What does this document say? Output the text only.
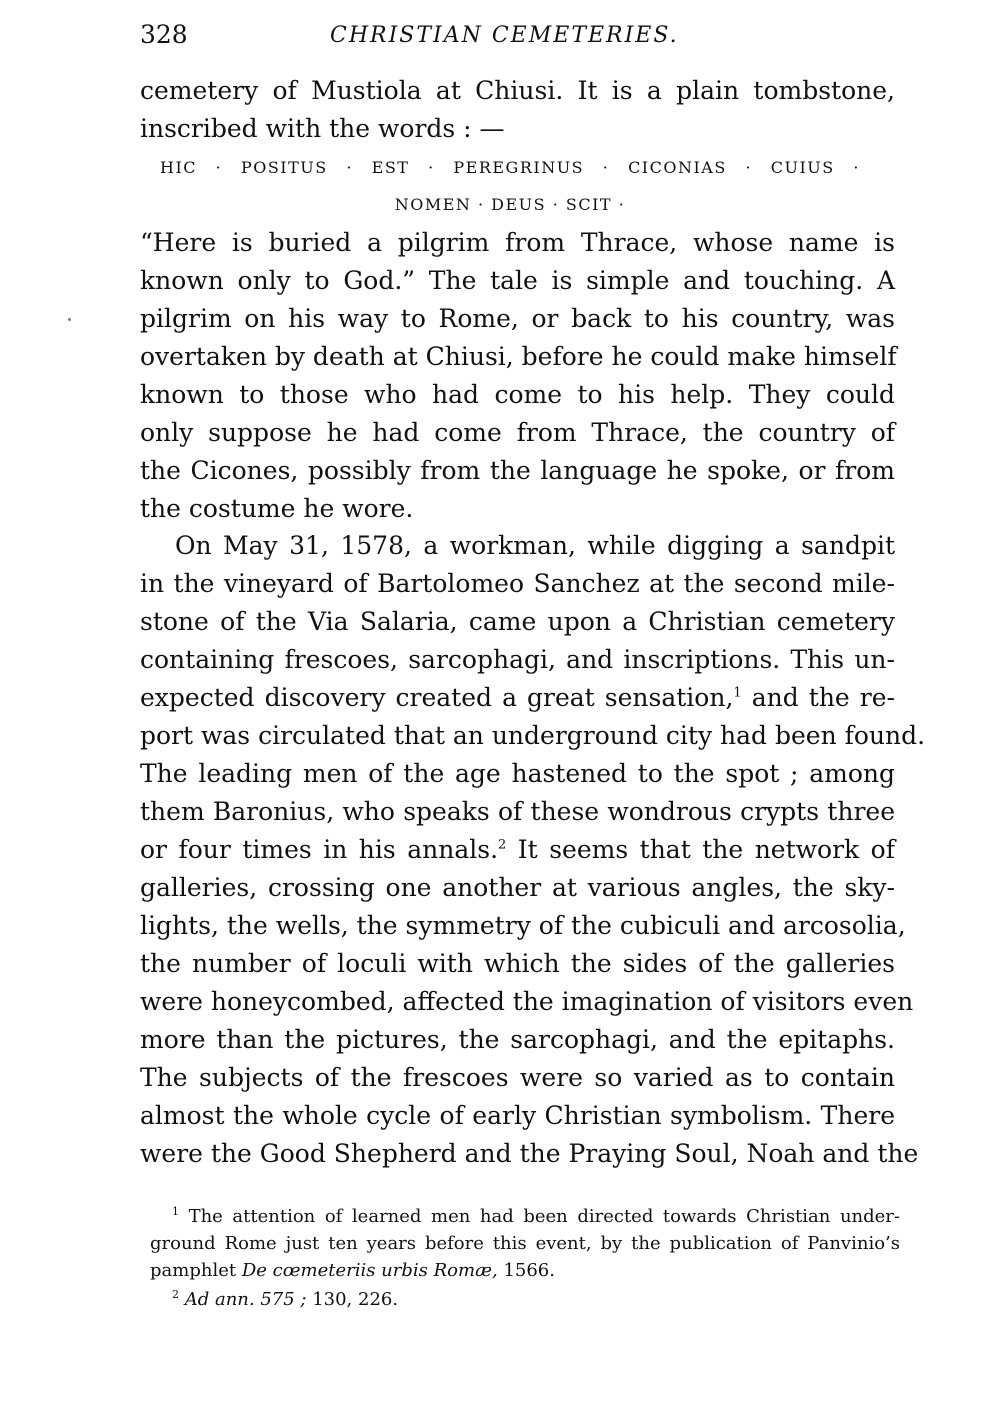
328	CHRISTIAN CEMETERIES.
cemetery of Mustiola at Chiusi. It is a plain tombstone,
inscribed with the words : —
HIC · POSITUS · EST · PEREGRINUS · CICONIAS · CUIUS ·
NOMEN · DEUS · SCIT ·
“Here is buried a pilgrim from Thrace, whose name is
known only to God.” The tale is simple and touching. A
pilgrim on his way to Rome, or back to his country, was
overtaken by death at Chiusi, before he could make himself
known to those who had come to his help. They could
only suppose he had come from Thrace, the country of
the Cicones, possibly from the language he spoke, or from
the costume he wore.
On May 31, 1578, a workman, while digging a sandpit
in the vineyard of Bartolomeo Sanchez at the second mile-
stone of the Via Salaria, came upon a Christian cemetery
containing frescoes, sarcophagi, and inscriptions. This un-
expected discovery created a great sensation,$^1$ and the re-
port was circulated that an underground city had been found.
The leading men of the age hastened to the spot ; among
them Baronius, who speaks of these wondrous crypts three
or four times in his annals.$^2$ It seems that the network of
galleries, crossing one another at various angles, the sky-
lights, the wells, the symmetry of the cubiculi and arcosolia,
the number of loculi with which the sides of the galleries
were honeycombed, affected the imagination of visitors even
more than the pictures, the sarcophagi, and the epitaphs.
The subjects of the frescoes were so varied as to contain
almost the whole cycle of early Christian symbolism. There
were the Good Shepherd and the Praying Soul, Noah and the
$^1$ The attention of learned men had been directed towards Christian under-
ground Rome just ten years before this event, by the publication of Panvinio’s
pamphlet De cœmeteriis urbis Romæ, 1566.
$^2$ Ad ann. 575 ; 130, 226.
